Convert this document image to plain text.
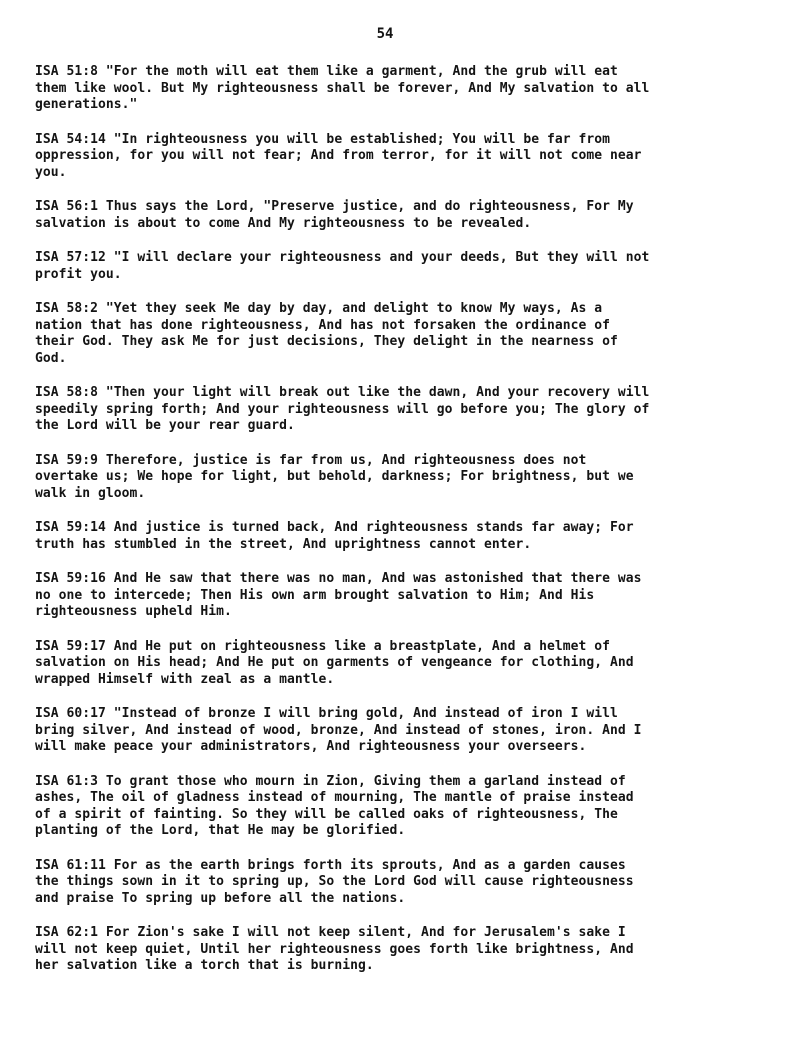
54
ISA 51:8 "For the moth will eat them like a garment, And the grub will eat
them like wool. But My righteousness shall be forever, And My salvation to all
generations."
ISA 54:14 "In righteousness you will be established; You will be far from
oppression, for you will not fear; And from terror, for it will not come near
you.
ISA 56:1 Thus says the Lord, "Preserve justice, and do righteousness, For My
salvation is about to come And My righteousness to be revealed.
ISA 57:12 "I will declare your righteousness and your deeds, But they will not
profit you.
ISA 58:2 "Yet they seek Me day by day, and delight to know My ways, As a
nation that has done righteousness, And has not forsaken the ordinance of
their God. They ask Me for just decisions, They delight in the nearness of
God.
ISA 58:8 "Then your light will break out like the dawn, And your recovery will
speedily spring forth; And your righteousness will go before you; The glory of
the Lord will be your rear guard.
ISA 59:9 Therefore, justice is far from us, And righteousness does not
overtake us; We hope for light, but behold, darkness; For brightness, but we
walk in gloom.
ISA 59:14 And justice is turned back, And righteousness stands far away; For
truth has stumbled in the street, And uprightness cannot enter.
ISA 59:16 And He saw that there was no man, And was astonished that there was
no one to intercede; Then His own arm brought salvation to Him; And His
righteousness upheld Him.
ISA 59:17 And He put on righteousness like a breastplate, And a helmet of
salvation on His head; And He put on garments of vengeance for clothing, And
wrapped Himself with zeal as a mantle.
ISA 60:17 "Instead of bronze I will bring gold, And instead of iron I will
bring silver, And instead of wood, bronze, And instead of stones, iron. And I
will make peace your administrators, And righteousness your overseers.
ISA 61:3 To grant those who mourn in Zion, Giving them a garland instead of
ashes, The oil of gladness instead of mourning, The mantle of praise instead
of a spirit of fainting. So they will be called oaks of righteousness, The
planting of the Lord, that He may be glorified.
ISA 61:11 For as the earth brings forth its sprouts, And as a garden causes
the things sown in it to spring up, So the Lord God will cause righteousness
and praise To spring up before all the nations.
ISA 62:1 For Zion's sake I will not keep silent, And for Jerusalem's sake I
will not keep quiet, Until her righteousness goes forth like brightness, And
her salvation like a torch that is burning.
